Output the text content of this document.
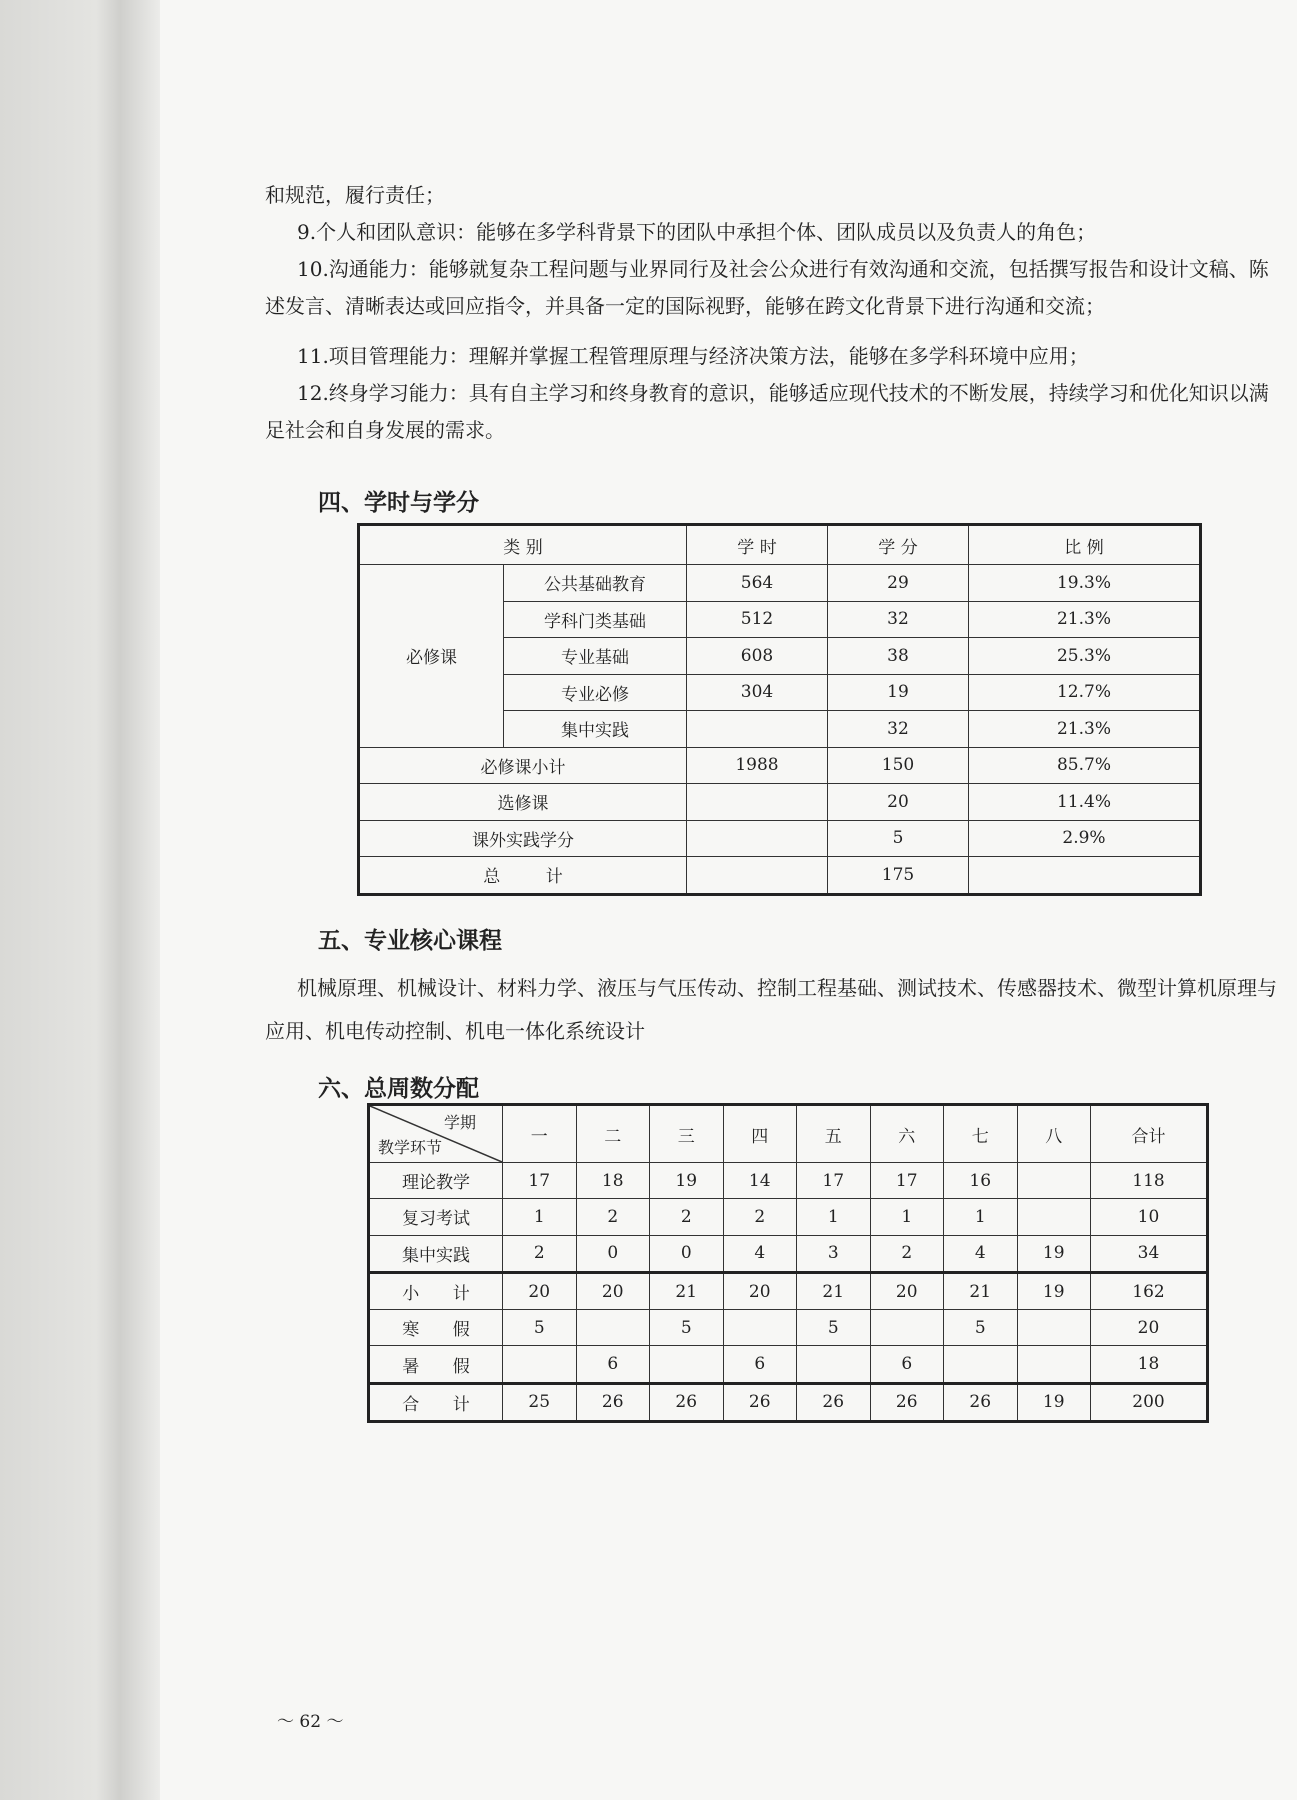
和规范，履行责任；

9.个人和团队意识：能够在多学科背景下的团队中承担个体、团队成员以及负责人的角色；

10.沟通能力：能够就复杂工程问题与业界同行及社会公众进行有效沟通和交流，包括撰写报告和设计文稿、陈述发言、清晰表达或回应指令，并具备一定的国际视野，能够在跨文化背景下进行沟通和交流；

11.项目管理能力：理解并掌握工程管理原理与经济决策方法，能够在多学科环境中应用；

12.终身学习能力：具有自主学习和终身教育的意识，能够适应现代技术的不断发展，持续学习和优化知识以满足社会和自身发展的需求。

四、学时与学分
类 别		学 时	学 分	比 例
必修课	公共基础教育	564	29	19.3%
	学科门类基础	512	32	21.3%
	专业基础	608	38	25.3%
	专业必修	304	19	12.7%
	集中实践		32	21.3%
必修课小计		1988	150	85.7%
选修课			20	11.4%
课外实践学分			5	2.9%
总 计			175	
五、专业核心课程

机械原理、机械设计、材料力学、液压与气压传动、控制工程基础、测试技术、传感器技术、微型计算机原理与应用、机电传动控制、机电一体化系统设计

六、总周数分配
学期
教学环节	一	二	三	四	五	六	七	八	合计
理论教学	17	18	19	14	17	17	16		118
复习考试	1	2	2	2	1	1	1		10
集中实践	2	0	0	4	3	2	4	19	34
小 计	20	20	21	20	21	20	21	19	162
寒 假	5		5		5		5		20
暑 假		6		6		6			18
合 计	25	26	26	26	26	26	26	19	200
～ 62 ～
